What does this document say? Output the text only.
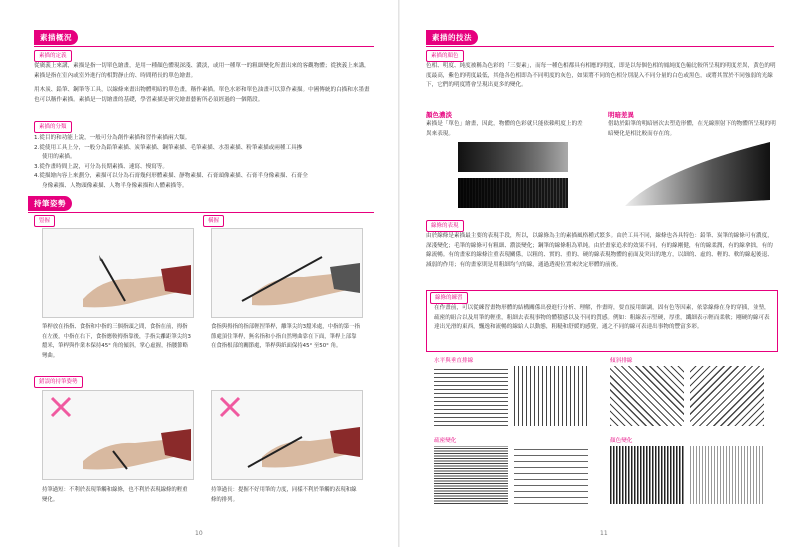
素描概況
素描的定義
從廣義上來講，素描是指一切單色繪畫，是用一種顏色體現深淺、濃淡，或用一種單一的粗細變化所畫出來的客觀物體；從狹義上來講，素描是指在室內或室外進行的相對靜止的、時間稍長的單色繪畫。
用木炭、鉛筆、鋼筆等工具，以線條來畫出物體明暗的單色畫，稱作素描。單色水彩和單色油畫可以算作素描。中國傳統的白描和水墨畫也可以稱作素描。素描是一切繪畫的基礎，學習素描是研究繪畫藝術所必須經過的一個階段。
素描的分類
1.從目的和功能上說，一般可分為創作素描和習作素描兩大類。
2.從使用工具上分，一般分為鉛筆素描、炭筆素描、鋼筆素描、毛筆素描、水墨素描、粉筆素描或兩種工具摻
使用的素描。
3.從作畫時間上說，可分為長期素描、速寫、慢寫等。
4.從描繪內容上來劃分，素描可以分為石膏幾何形體素描、靜物素描、石膏頭像素描、石膏半身像素描、石膏全
身像素描、人物頭像素描、人物半身像素描和人體素描等。
持筆姿勢
豎握	橫握
筆桿放在指指、食指和中指的三個指頭之間，食指在前，拇指在左後，中指在右下，食指應較拇指靠後，手指尖離距筆尖約3釐米，筆桿與作業本保持45° 角的傾斜，掌心虛握，指腰節略彎曲。
食指與拇指的指部輕捏筆桿，離筆尖約3釐米處，中指的第一指節處頂住筆桿，無名指和小指自然彎曲靠在下面，筆桿上部靠在食指根部的關節處，筆桿與紙面保持45° 至50° 角。
錯誤的持筆姿勢
持筆過短：不利於表現筆觸和線條，也不利於表現線條的輕重變化。
持筆過長：提握不好用筆的力度，同樣不利於筆觸的表現和線條的排列。
10
素描的技法
素描的顏色
色相、明度、純度被稱為色彩的「三要素」，而每一種色相都具有相應的明度，即是以每個色相的鳳純度色輸比較所呈現的明度差異，黃色的明度最高，紫色的明度最低，其他各色相即為不同明度的灰色，如果將不同的色相分別混入不同分量的白色或黑色，或將其置於不同強弱的光線下，它們的明度將會呈現出更多的變化。
顏色濃淡
素描是「單色」繪畫，因此，物體的色彩就只能依賴明度上的差異來表現。
明暗差異
借助於鉛筆的明暗層次去塑造形體，在光線照射下的物體所呈現的明暗變化是相比較而存在的。
線條的表現
由於線條是素描最主要的表現手段，所以，以線條為主的素描風格種式繁多。由於工具不同，線條也各具特色：鉛筆、炭筆的線條可有濃度，深淺變化；毛筆的線條可有粗細、濃淡變化；鋼筆的線條粗為單純。由於畫家追求的效果不同，有的線剛健，有的線柔潤，有的線拿拙，有的線流暢。有的畫家的線條注重表現關係，以粗的、實的、重的、硬的線表現物體的前面及突出的地方，以細的、虛的、輕的、軟的線起後退、減弱的作用；有的畫家則是用粗細均勻的線，通過透視位置來決定形體的前後。
線條的練習
在作畫前，可以從練習畫物形體的結構關係出發進行分析、理解，作畫時，要直接用細調，固有色等因素，依靠線條在身的穿插，並墊，疏密的組合以及用筆的輕重，粗細去表現事物的體積感以及不同的質感。例如：粗線表示堅硬，厚重，纖細表示輕而柔軟；剛硬的線可表達出光滑的東西，飄逸和流暢的線給人以動態，粗糙和舒緩的感覺，通之不同的線可表達出事物的豐富多彩。
水平與垂直排線	傾斜排線
疏密變化	顏色變化
11
